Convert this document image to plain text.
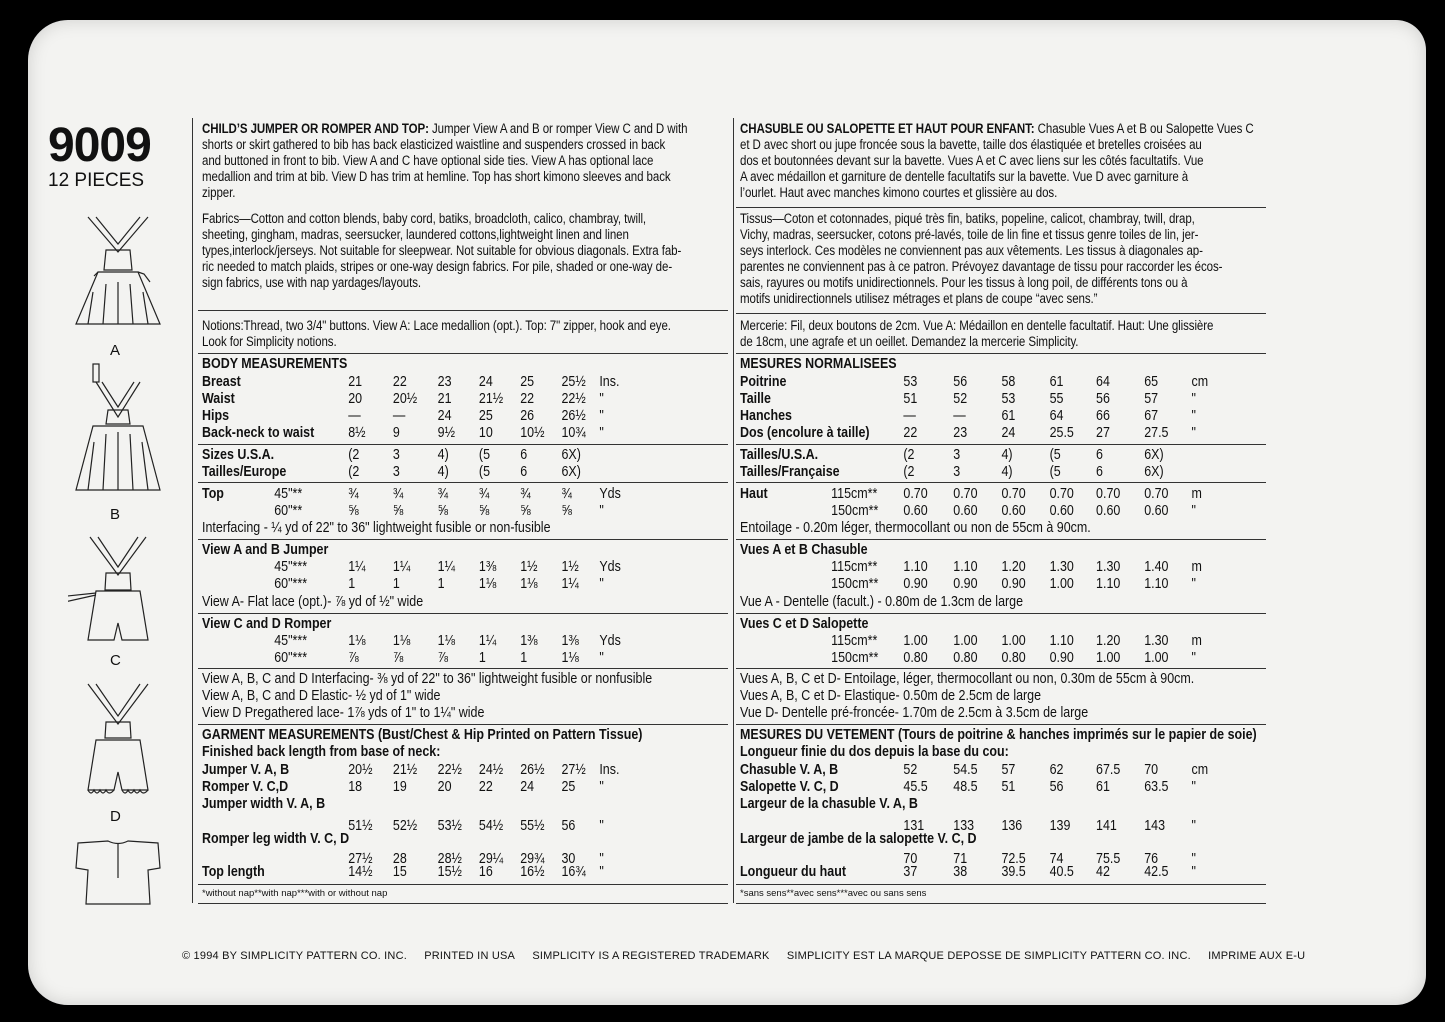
9009
12 PIECES
A
B
C
D
CHILD’S JUMPER OR ROMPER AND TOP: Jumper View A and B or romper View C and D with
shorts or skirt gathered to bib has back elasticized waistline and suspenders crossed in back
and buttoned in front to bib. View A and C have optional side ties. View A has optional lace
medallion and trim at bib. View D has trim at hemline. Top has short kimono sleeves and back
zipper.
Fabrics—Cotton and cotton blends, baby cord, batiks, broadcloth, calico, chambray, twill,
sheeting, gingham, madras, seersucker, laundered cottons,lightweight linen and linen
types,interlock/jerseys. Not suitable for sleepwear. Not suitable for obvious diagonals. Extra fab-
ric needed to match plaids, stripes or one-way design fabrics. For pile, shaded or one-way de-
sign fabrics, use with nap yardages/layouts.
Notions:Thread, two 3/4" buttons. View A: Lace medallion (opt.). Top: 7" zipper, hook and eye.
Look for Simplicity notions.
CHASUBLE OU SALOPETTE ET HAUT POUR ENFANT: Chasuble Vues A et B ou Salopette Vues C
et D avec short ou jupe froncée sous la bavette, taille dos élastiquée et bretelles croisées au
dos et boutonnées devant sur la bavette. Vues A et C avec liens sur les côtés facultatifs. Vue
A avec médaillon et garniture de dentelle facultatifs sur la bavette. Vue D avec garniture à
l’ourlet. Haut avec manches kimono courtes et glissière au dos.
Tissus—Coton et cotonnades, piqué très fin, batiks, popeline, calicot, chambray, twill, drap,
Vichy, madras, seersucker, cotons pré-lavés, toile de lin fine et tissus genre toiles de lin, jer-
seys interlock. Ces modèles ne conviennent pas aux vêtements. Les tissus à diagonales ap-
parentes ne conviennent pas à ce patron. Prévoyez davantage de tissu pour raccorder les écos-
sais, rayures ou motifs unidirectionnels. Pour les tissus à long poil, de différents tons ou à
motifs unidirectionnels utilisez métrages et plans de coupe “avec sens.”
Mercerie: Fil, deux boutons de 2cm. Vue A: Médaillon en dentelle facultatif. Haut: Une glissière
de 18cm, une agrafe et un oeillet. Demandez la mercerie Simplicity.
BODY MEASUREMENTS
Breast	21 22 23 24 25 25½ Ins.
Waist	20 20½ 21 21½ 22 22½ "
Hips	— — 24 25 26 26½ "
Back-neck to waist 8½ 9	9½ 10 10½ 10¾ "
Sizes U.S.A.	(2 3	4) (5 6 6X)
Tailles/Europe	(2 3	4) (5 6 6X)
Top	45"**	¾ ¾ ¾ ¾ ¾ ¾ Yds
60"**	⅝ ⅝ ⅝ ⅝ ⅝ ⅝ "
Interfacing - ¼ yd of 22" to 36" lightweight fusible or non-fusible
View A and B Jumper
45"***	1¼ 1¼ 1¼ 1⅜ 1½ 1½ Yds
60"***	1	1	1 1⅛ 1⅛ 1¼ "
View A- Flat lace (opt.)- ⅞ yd of ½" wide
View C and D Romper
45"***	1⅛ 1⅛ 1⅛ 1¼ 1⅜ 1⅜ Yds
60"***	⅞ ⅞ ⅞ 1 1 1⅛ "
View A, B, C and D Interfacing- ⅜ yd of 22" to 36" lightweight fusible or nonfusible
View A, B, C and D Elastic- ½ yd of 1" wide
View D Pregathered lace- 1⅞ yds of 1" to 1¼" wide
GARMENT MEASUREMENTS (Bust/Chest & Hip Printed on Pattern Tissue)
Finished back length from base of neck:
Jumper V. A, B	20½ 21½ 22½ 24½ 26½ 27½ Ins.
Romper V. C,D	18 19 20 22 24 25 "
Jumper width V. A, B
51½ 52½ 53½ 54½ 55½ 56 "
Romper leg width V. C, D
27½ 28 28½ 29¼ 29¾ 30 "
Top length	14½ 15 15½ 16 16½ 16¾ "
MESURES NORMALISEES
Poitrine	53 56 58 61 64 65 cm
Taille	51 52 53 55 56 57 "
Hanches	—	— 61 64 66 67 "
Dos (encolure à taille) 22 23 24 25.5 27 27.5 "
Tailles/U.S.A.	(2	3	4)	(5 6	6X)
Tailles/Française	(2	3	4)	(5 6	6X)
Haut	115cm** 0.70 0.70 0.70 0.70 0.70 0.70 m
150cm** 0.60 0.60 0.60 0.60 0.60 0.60 "
Entoilage - 0.20m léger, thermocollant ou non de 55cm à 90cm.
Vues A et B Chasuble
115cm** 1.10 1.10 1.20 1.30 1.30 1.40 m
150cm** 0.90 0.90 0.90 1.00 1.10 1.10 "
Vue A - Dentelle (facult.) - 0.80m de 1.3cm de large
Vues C et D Salopette
115cm** 1.00 1.00 1.00 1.10 1.20 1.30 m
150cm** 0.80 0.80 0.80 0.90 1.00 1.00 "
Vues A, B, C et D- Entoilage, léger, thermocollant ou non, 0.30m de 55cm à 90cm.
Vues A, B, C et D- Elastique- 0.50m de 2.5cm de large
Vue D- Dentelle pré-froncée- 1.70m de 2.5cm à 3.5cm de large
MESURES DU VETEMENT (Tours de poitrine & hanches imprimés sur le papier de soie)
Longueur finie du dos depuis la base du cou:
Chasuble V. A, B	52 54.5 57 62 67.5 70 cm
Salopette V. C, D	45.5 48.5 51 56 61 63.5 "
Largeur de la chasuble V. A, B
131 133 136 139 141 143 "
Largeur de jambe de la salopette V. C, D
70 71 72.5 74 75.5 76 "
Longueur du haut	37 38 39.5 40.5 42 42.5 "
*without nap**with nap***with or without nap	*sans sens**avec sens***avec ou sans sens
© 1994 BY SIMPLICITY PATTERN CO. INC. PRINTED IN USA SIMPLICITY IS A REGISTERED TRADEMARK SIMPLICITY EST LA MARQUE DEPOSSE DE SIMPLICITY PATTERN CO. INC. IMPRIME AUX E-U
